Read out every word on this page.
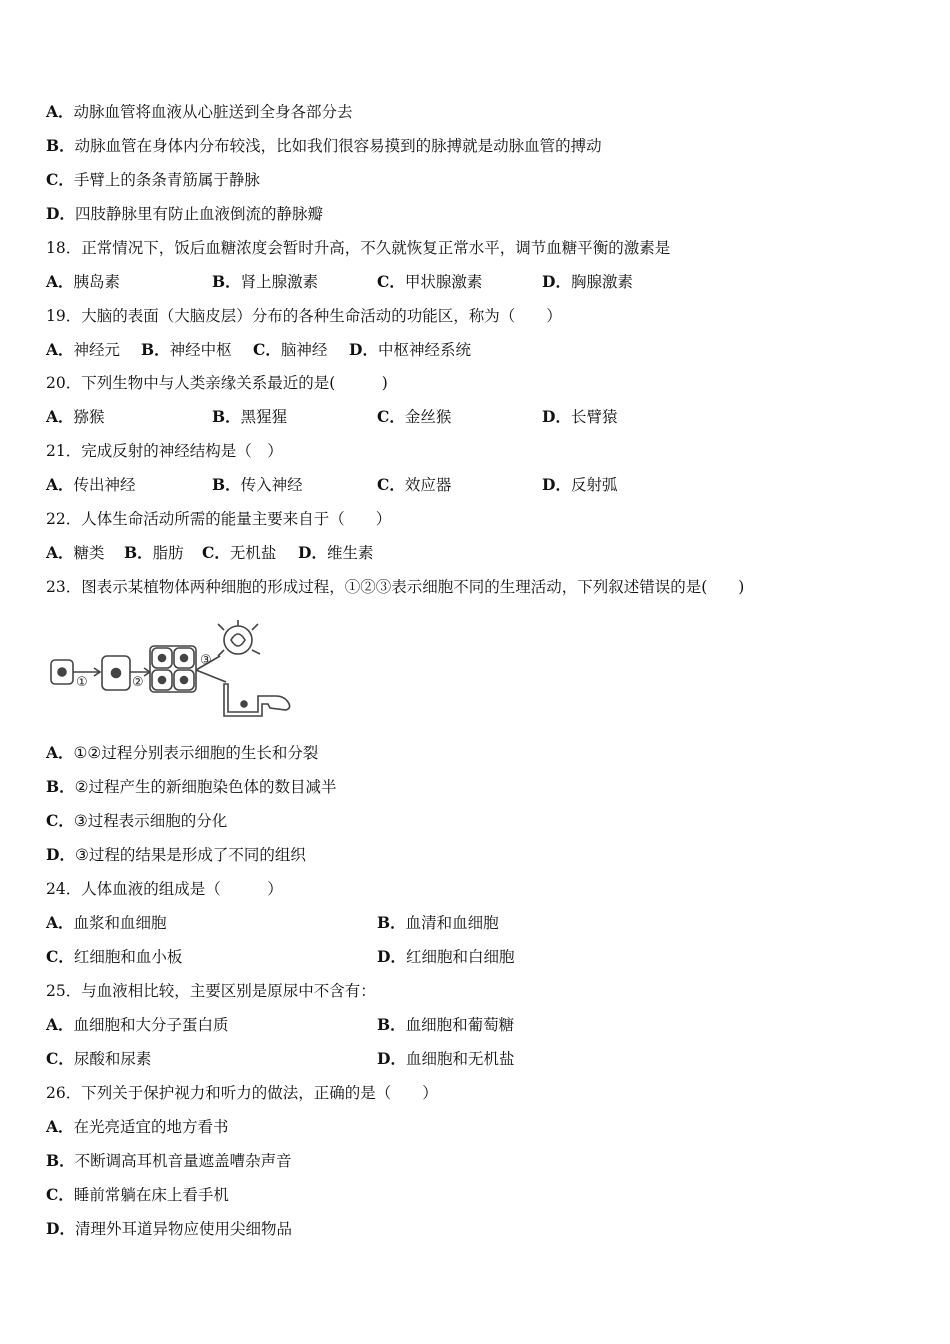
A．动脉血管将血液从心脏送到全身各部分去
B．动脉血管在身体内分布较浅，比如我们很容易摸到的脉搏就是动脉血管的搏动
C．手臂上的条条青筋属于静脉
D．四肢静脉里有防止血液倒流的静脉瓣
18．正常情况下，饭后血糖浓度会暂时升高，不久就恢复正常水平，调节血糖平衡的激素是
A．胰岛素	B．肾上腺激素	C．甲状腺激素	D．胸腺激素
19．大脑的表面（大脑皮层）分布的各种生命活动的功能区，称为（　　）
A．神经元 B．神经中枢 C．脑神经 D．中枢神经系统
20．下列生物中与人类亲缘关系最近的是(　　　)
A．猕猴	B．黑猩猩	C．金丝猴	D．长臂猿
21．完成反射的神经结构是（　）
A．传出神经	B．传入神经	C．效应器	D．反射弧
22．人体生命活动所需的能量主要来自于（　　）
A．糖类 B．脂肪 C．无机盐 D．维生素
23．图表示某植物体两种细胞的形成过程，①②③表示细胞不同的生理活动，下列叙述错误的是(　　)
①	②
③
A．①②过程分别表示细胞的生长和分裂
B．②过程产生的新细胞染色体的数目减半
C．③过程表示细胞的分化
D．③过程的结果是形成了不同的组织
24．人体血液的组成是（　　　）
A．血浆和血细胞	B．血清和血细胞
C．红细胞和血小板	D．红细胞和白细胞
25．与血液相比较，主要区别是原尿中不含有：
A．血细胞和大分子蛋白质	B．血细胞和葡萄糖
C．尿酸和尿素	D．血细胞和无机盐
26．下列关于保护视力和听力的做法，正确的是（　　）
A．在光亮适宜的地方看书
B．不断调高耳机音量遮盖嘈杂声音
C．睡前常躺在床上看手机
D．清理外耳道异物应使用尖细物品
